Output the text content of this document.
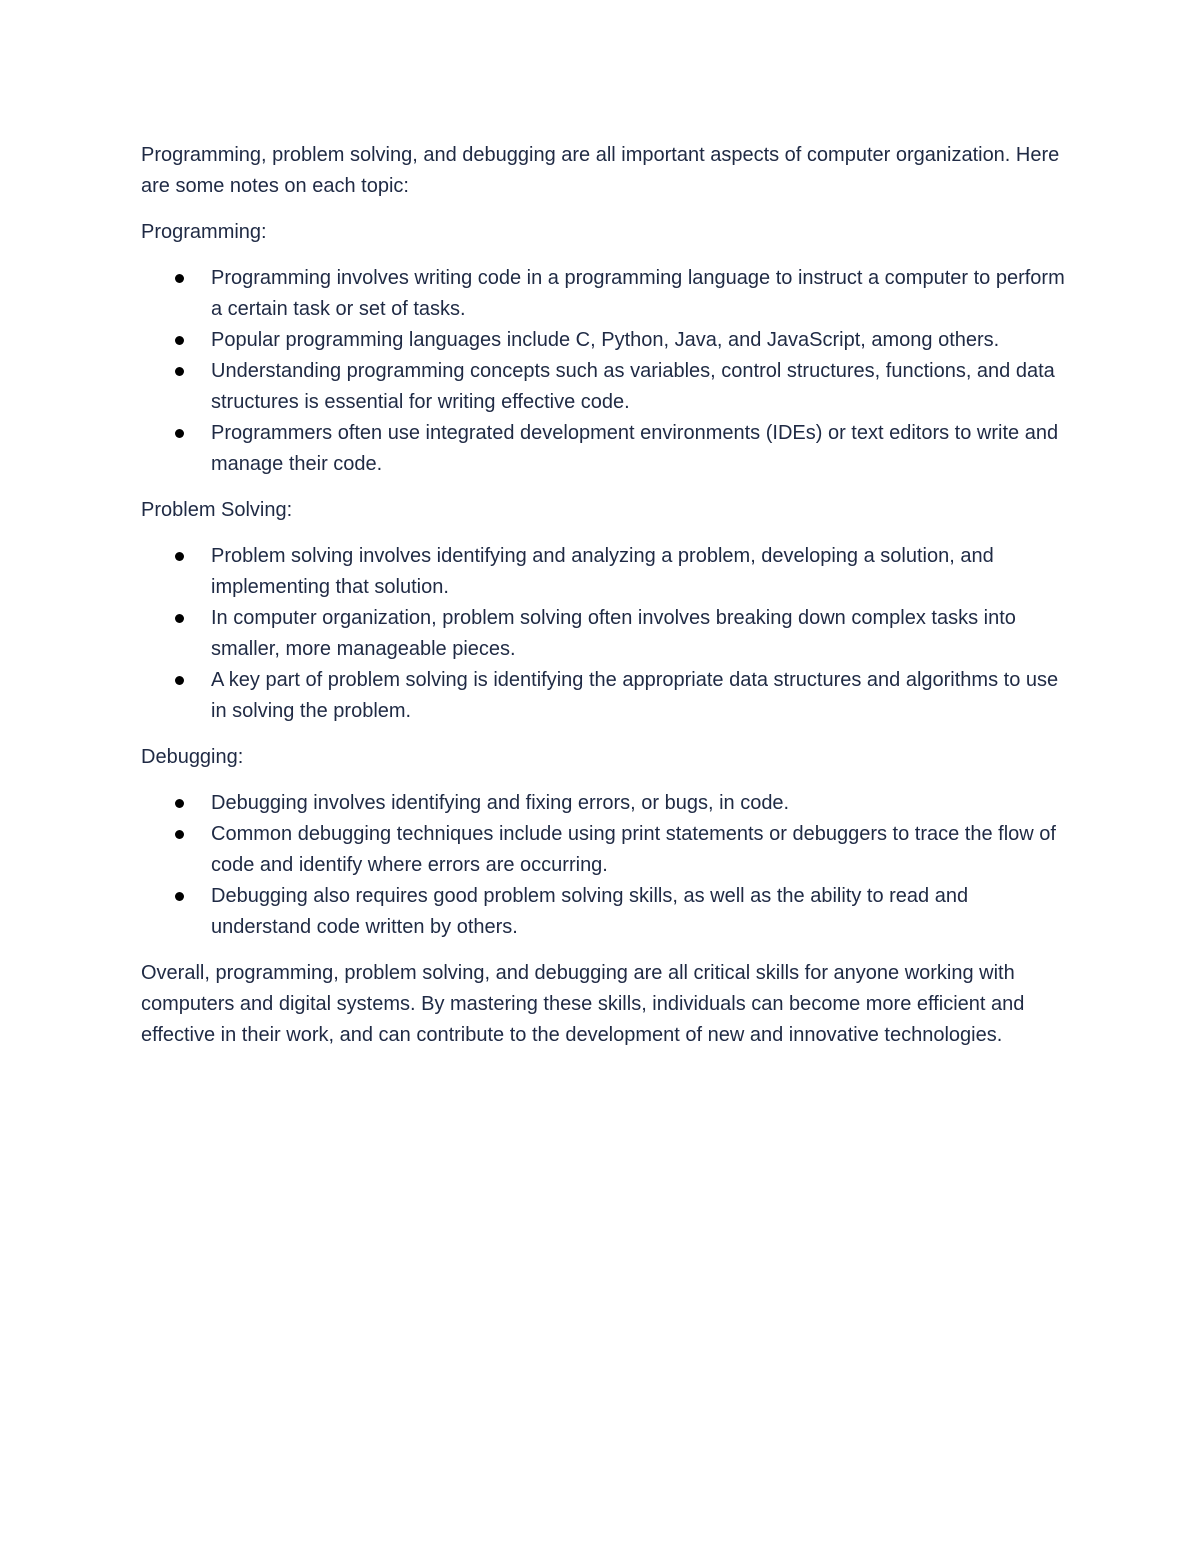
Programming, problem solving, and debugging are all important aspects of computer organization. Here are some notes on each topic:

Programming:

Programming involves writing code in a programming language to instruct a computer to perform a certain task or set of tasks.
Popular programming languages include C, Python, Java, and JavaScript, among others.
Understanding programming concepts such as variables, control structures, functions, and data structures is essential for writing effective code.
Programmers often use integrated development environments (IDEs) or text editors to write and manage their code.

Problem Solving:

Problem solving involves identifying and analyzing a problem, developing a solution, and implementing that solution.
In computer organization, problem solving often involves breaking down complex tasks into smaller, more manageable pieces.
A key part of problem solving is identifying the appropriate data structures and algorithms to use in solving the problem.

Debugging:

Debugging involves identifying and fixing errors, or bugs, in code.
Common debugging techniques include using print statements or debuggers to trace the flow of code and identify where errors are occurring.
Debugging also requires good problem solving skills, as well as the ability to read and understand code written by others.

Overall, programming, problem solving, and debugging are all critical skills for anyone working with computers and digital systems. By mastering these skills, individuals can become more efficient and effective in their work, and can contribute to the development of new and innovative technologies.
